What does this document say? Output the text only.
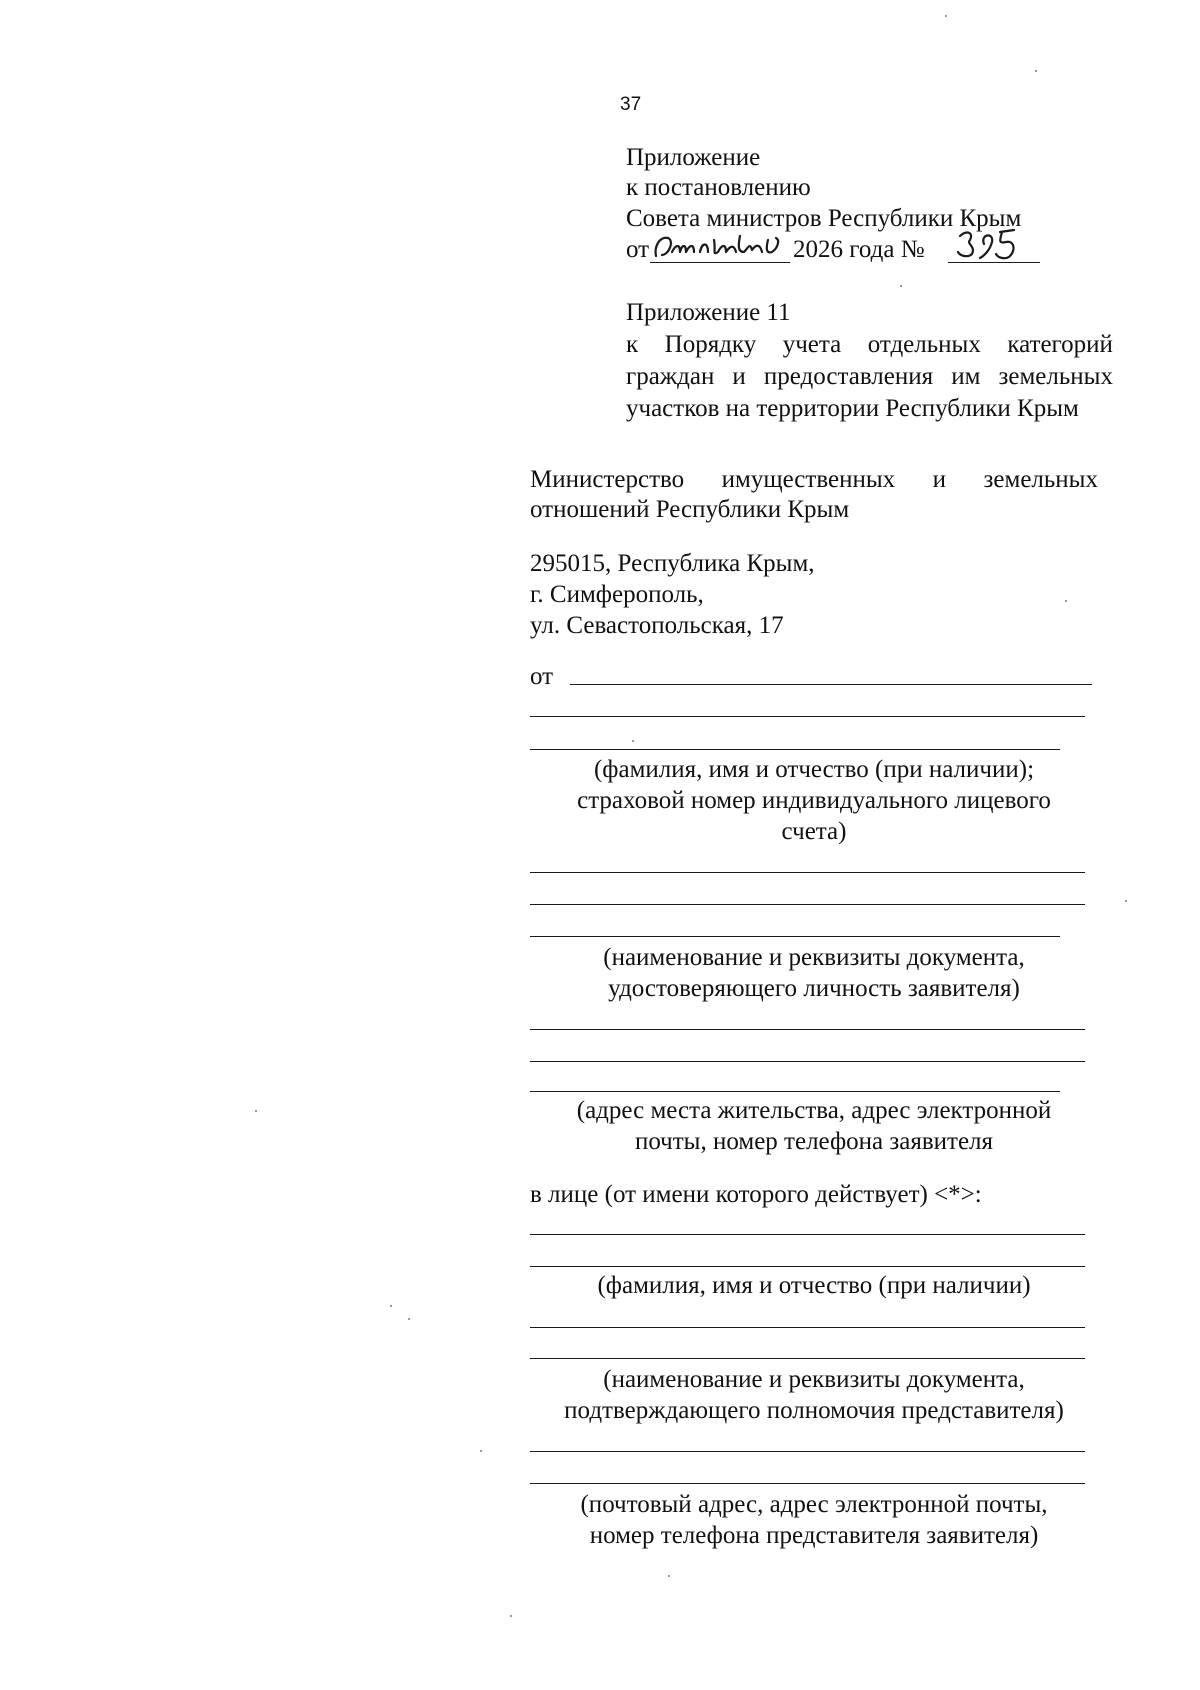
37
Приложение
к постановлению
Совета министров Республики Крым
от	2026 года №
Приложение 11
к Порядку учета отдельных категорий
граждан и предоставления им земельных
участков на территории Республики Крым
Министерство имущественных и земельных
отношений Республики Крым
295015, Республика Крым,
г. Симферополь,
ул. Севастопольская, 17
от
(фамилия, имя и отчество (при наличии);
страховой номер индивидуального лицевого
счета)
(наименование и реквизиты документа,
удостоверяющего личность заявителя)
(адрес места жительства, адрес электронной
почты, номер телефона заявителя
в лице (от имени которого действует) <*>:
(фамилия, имя и отчество (при наличии)
(наименование и реквизиты документа,
подтверждающего полномочия представителя)
(почтовый адрес, адрес электронной почты,
номер телефона представителя заявителя)
